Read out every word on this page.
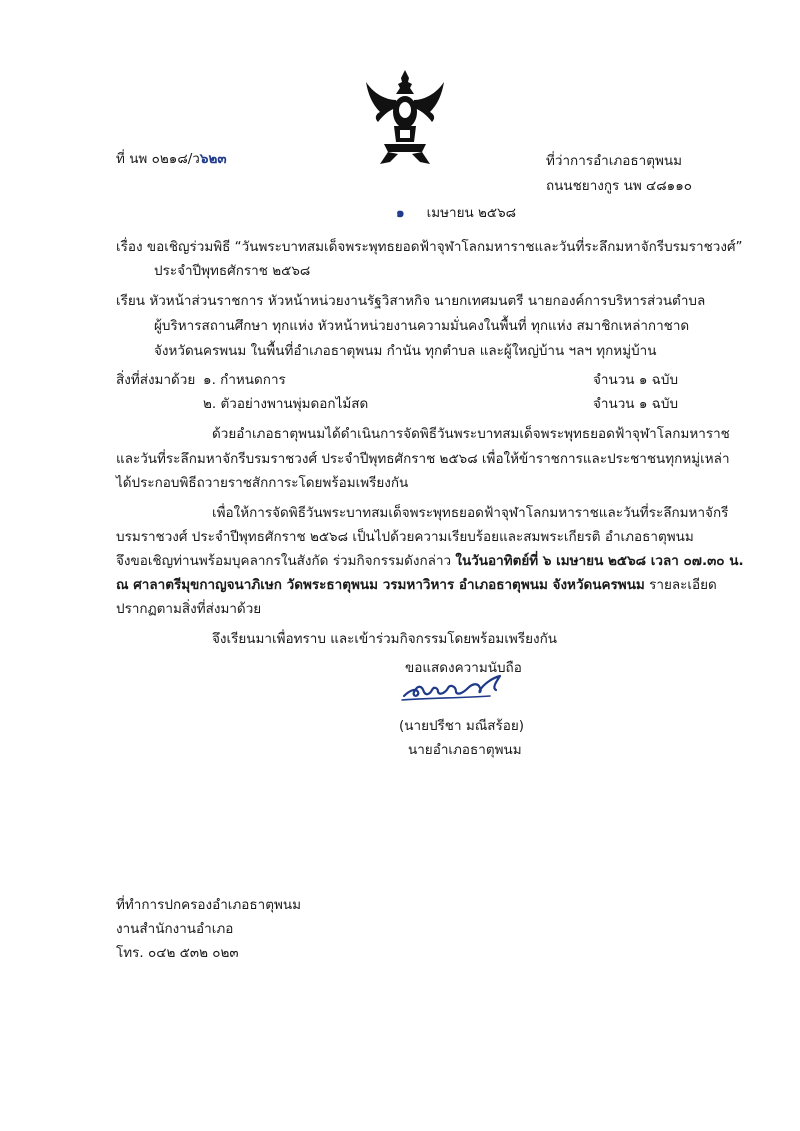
ที่ นพ ๐๒๑๘/ว๖๒๓	ที่ว่าการอำเภอธาตุพนม
ถนนชยางกูร นพ ๔๘๑๑๐
๑ เมษายน ๒๕๖๘
เรื่อง ขอเชิญร่วมพิธี “วันพระบาทสมเด็จพระพุทธยอดฟ้าจุฬาโลกมหาราชและวันที่ระลึกมหาจักรีบรมราชวงศ์”
ประจำปีพุทธศักราช ๒๕๖๘
เรียน หัวหน้าส่วนราชการ หัวหน้าหน่วยงานรัฐวิสาหกิจ นายกเทศมนตรี นายกองค์การบริหารส่วนตำบล
ผู้บริหารสถานศึกษา ทุกแห่ง หัวหน้าหน่วยงานความมั่นคงในพื้นที่ ทุกแห่ง สมาชิกเหล่ากาชาด
จังหวัดนครพนม ในพื้นที่อำเภอธาตุพนม กำนัน ทุกตำบล และผู้ใหญ่บ้าน ฯลฯ ทุกหมู่บ้าน
สิ่งที่ส่งมาด้วย ๑. กำหนดการ	จำนวน ๑ ฉบับ
๒. ตัวอย่างพานพุ่มดอกไม้สด	จำนวน ๑ ฉบับ
ด้วยอำเภอธาตุพนมได้ดำเนินการจัดพิธีวันพระบาทสมเด็จพระพุทธยอดฟ้าจุฬาโลกมหาราช
และวันที่ระลึกมหาจักรีบรมราชวงศ์ ประจำปีพุทธศักราช ๒๕๖๘ เพื่อให้ข้าราชการและประชาชนทุกหมู่เหล่า
ได้ประกอบพิธีถวายราชสักการะโดยพร้อมเพรียงกัน
เพื่อให้การจัดพิธีวันพระบาทสมเด็จพระพุทธยอดฟ้าจุฬาโลกมหาราชและวันที่ระลึกมหาจักรี
บรมราชวงศ์ ประจำปีพุทธศักราช ๒๕๖๘ เป็นไปด้วยความเรียบร้อยและสมพระเกียรติ อำเภอธาตุพนม
จึงขอเชิญท่านพร้อมบุคลากรในสังกัด ร่วมกิจกรรมดังกล่าว ในวันอาทิตย์ที่ ๖ เมษายน ๒๕๖๘ เวลา ๐๗.๓๐ น.
ณ ศาลาตรีมุขกาญจนาภิเษก วัดพระธาตุพนม วรมหาวิหาร อำเภอธาตุพนม จังหวัดนครพนม รายละเอียด
ปรากฏตามสิ่งที่ส่งมาด้วย
จึงเรียนมาเพื่อทราบ และเข้าร่วมกิจกรรมโดยพร้อมเพรียงกัน
ขอแสดงความนับถือ
(นายปรีชา มณีสร้อย)
นายอำเภอธาตุพนม
ที่ทำการปกครองอำเภอธาตุพนม
งานสำนักงานอำเภอ
โทร. ๐๔๒ ๕๓๒ ๐๒๓
